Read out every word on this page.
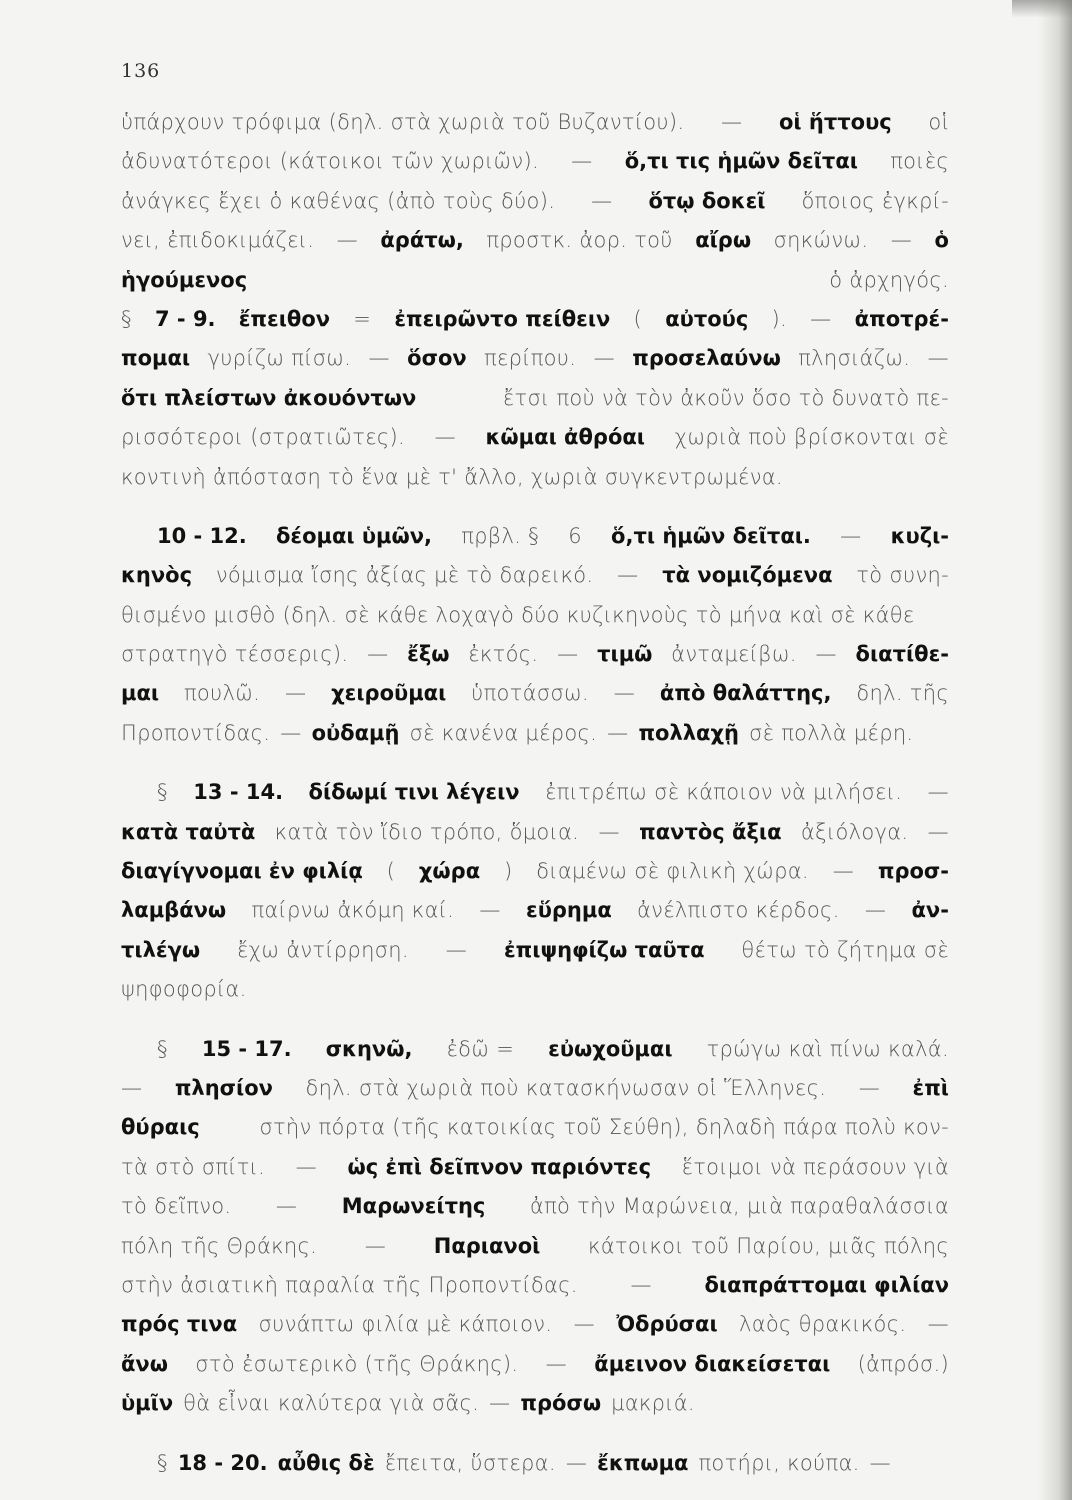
136
ὑπάρχουν τρόφιμα (δηλ. στὰ χωριὰ τοῦ Βυζαντίου). — οἱ ἥττους οἱ
ἀδυνατότεροι (κάτοικοι τῶν χωριῶν). — ὅ,τι τις ἡμῶν δεῖται ποιὲς
ἀνάγκες ἔχει ὁ καθένας (ἀπὸ τοὺς δύο). — ὅτῳ δοκεῖ ὅποιος ἐγκρί-
νει, ἐπιδοκιμάζει. — ἀράτω, προστκ. ἀορ. τοῦ αἴρω σηκώνω. — ὁ
ἡγούμενος	ὁ ἀρχηγός.
§ 7 - 9. ἔπειθον = ἐπειρῶντο πείθειν ( αὐτούς ). — ἀποτρέ-
πομαι γυρίζω πίσω. — ὅσον περίπου. — προσελαύνω πλησιάζω. —
ὅτι πλείστων ἀκουόντων	ἔτσι ποὺ νὰ τὸν ἀκοῦν ὅσο τὸ δυνατὸ πε-
ρισσότεροι (στρατιῶτες). — κῶμαι ἀθρόαι χωριὰ ποὺ βρίσκονται σὲ
κοντινὴ ἀπόσταση τὸ ἕνα μὲ τ' ἄλλο, χωριὰ συγκεντρωμένα.
10 - 12. δέομαι ὑμῶν, πρβλ. § 6 ὅ,τι ἡμῶν δεῖται. — κυζι-
κηνὸς νόμισμα ἴσης ἀξίας μὲ τὸ δαρεικό. — τὰ νομιζόμενα τὸ συνη-
θισμένο μισθὸ (δηλ. σὲ κάθε λοχαγὸ δύο κυζικηνοὺς τὸ μήνα καὶ σὲ κάθε
στρατηγὸ τέσσερις). — ἔξω ἐκτός. — τιμῶ ἀνταμείβω. — διατίθε-
μαι πουλῶ. — χειροῦμαι ὑποτάσσω. — ἀπὸ θαλάττης, δηλ. τῆς
Προποντίδας. — οὐδαμῇ σὲ κανένα μέρος. — πολλαχῇ σὲ πολλὰ μέρη.
§ 13 - 14. δίδωμί τινι λέγειν ἐπιτρέπω σὲ κάποιον νὰ μιλήσει. —
κατὰ ταὐτὰ κατὰ τὸν ἴδιο τρόπο, ὅμοια. — παντὸς ἄξια ἀξιόλογα. —
διαγίγνομαι ἐν φιλίᾳ ( χώρα ) διαμένω σὲ φιλικὴ χώρα. — προσ-
λαμβάνω παίρνω ἀκόμη καί. — εὕρημα ἀνέλπιστο κέρδος. — ἀν-
τιλέγω ἔχω ἀντίρρηση. — ἐπιψηφίζω ταῦτα θέτω τὸ ζήτημα σὲ
ψηφοφορία.
§ 15 - 17. σκηνῶ, ἐδῶ = εὐωχοῦμαι τρώγω καὶ πίνω καλά.
— πλησίον δηλ. στὰ χωριὰ ποὺ κατασκήνωσαν οἱ Ἕλληνες. — ἐπὶ
θύραις	στὴν πόρτα (τῆς κατοικίας τοῦ Σεύθη), δηλαδὴ πάρα πολὺ κον-
τὰ στὸ σπίτι. — ὡς ἐπὶ δεῖπνον παριόντες ἕτοιμοι νὰ περάσουν γιὰ
τὸ δεῖπνο. — Μαρωνείτης ἀπὸ τὴν Μαρώνεια, μιὰ παραθαλάσσια
πόλη τῆς Θράκης. — Παριανοὶ κάτοικοι τοῦ Παρίου, μιᾶς πόλης
στὴν ἀσιατικὴ παραλία τῆς Προποντίδας.	—	διαπράττομαι φιλίαν
πρός τινα συνάπτω φιλία μὲ κάποιον. — Ὀδρύσαι λαὸς θρακικός. —
ἄνω στὸ ἐσωτερικὸ (τῆς Θράκης). — ἄμεινον διακείσεται (ἀπρόσ.)
ὑμῖν θὰ εἶναι καλύτερα γιὰ σᾶς. — πρόσω μακριά.
§ 18 - 20. αὖθις δὲ ἔπειτα, ὕστερα. — ἔκπωμα ποτήρι, κούπα. —
